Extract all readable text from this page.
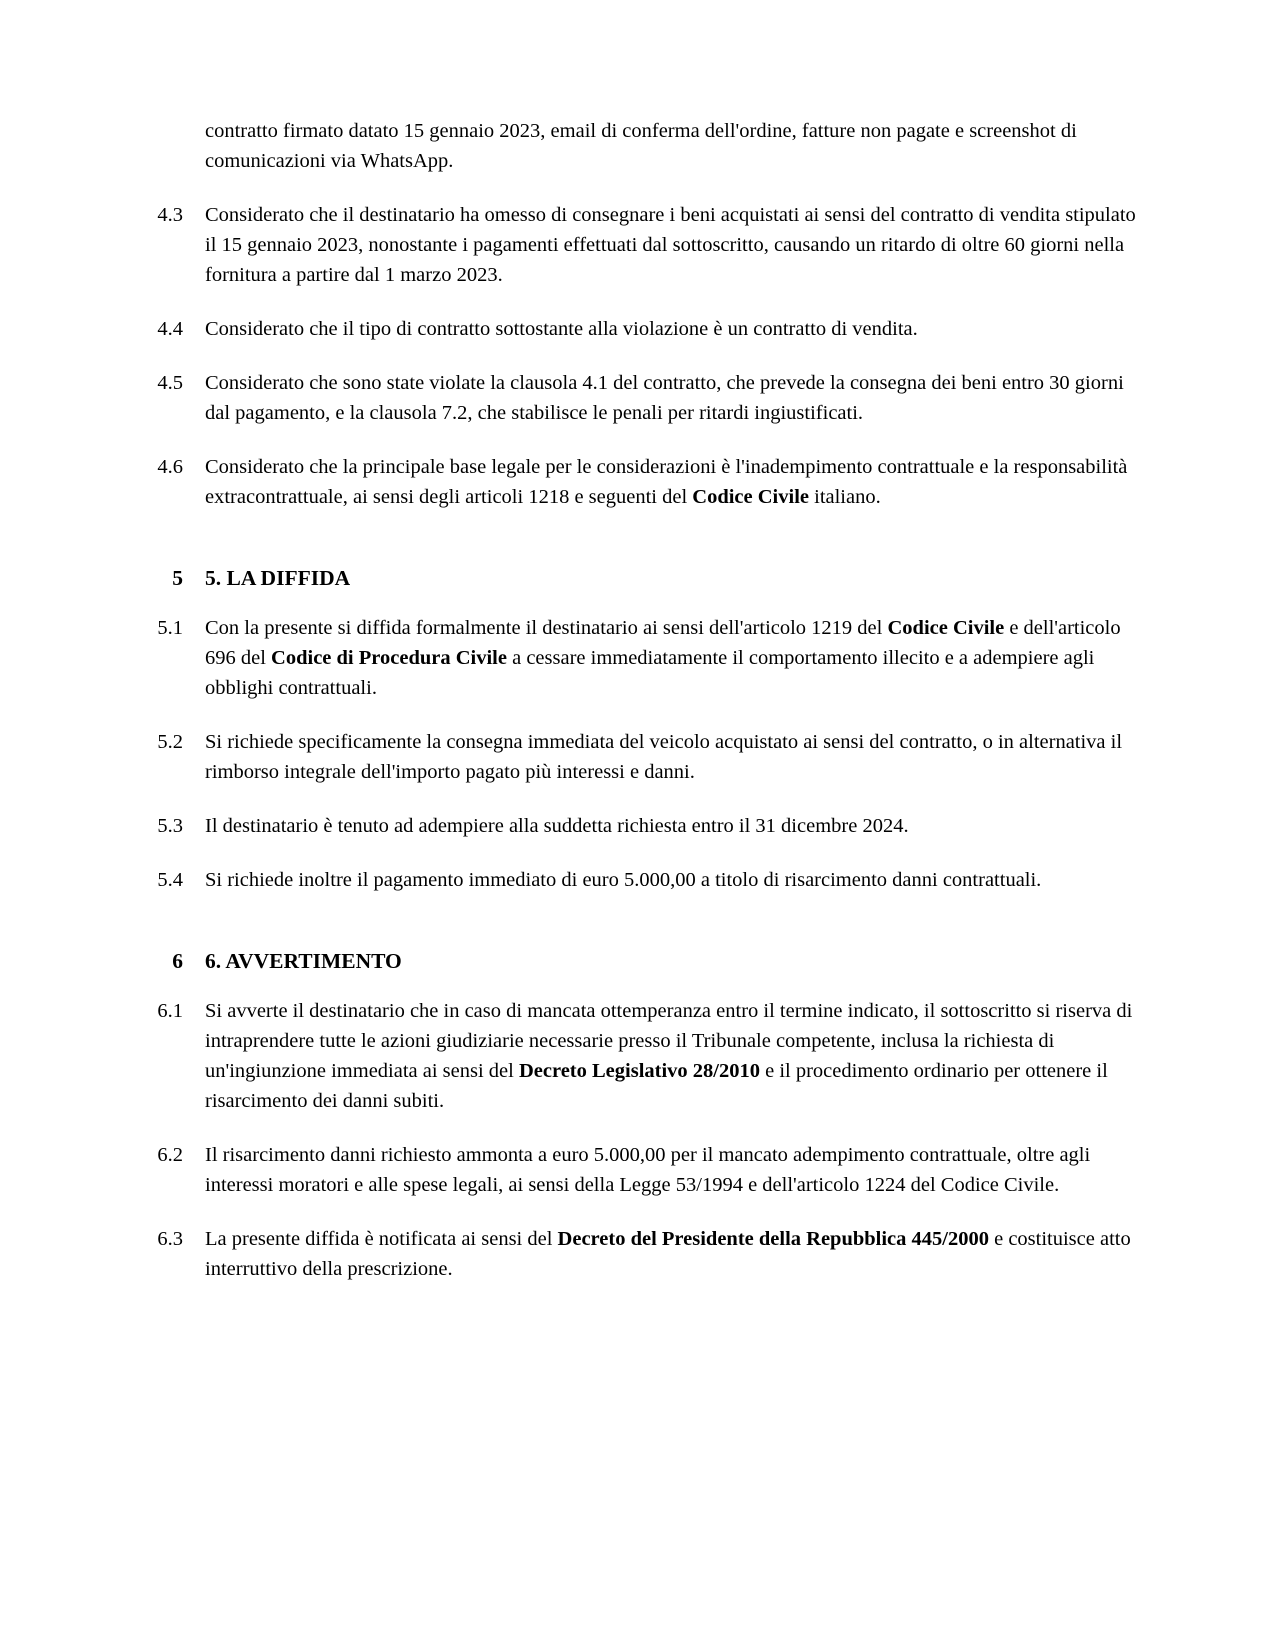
contratto firmato datato 15 gennaio 2023, email di conferma dell'ordine, fatture non pagate e screenshot di comunicazioni via WhatsApp.
4.3	Considerato che il destinatario ha omesso di consegnare i beni acquistati ai sensi del contratto di vendita stipulato il 15 gennaio 2023, nonostante i pagamenti effettuati dal sottoscritto, causando un ritardo di oltre 60 giorni nella fornitura a partire dal 1 marzo 2023.
4.4	Considerato che il tipo di contratto sottostante alla violazione è un contratto di vendita.
4.5	Considerato che sono state violate la clausola 4.1 del contratto, che prevede la consegna dei beni entro 30 giorni dal pagamento, e la clausola 7.2, che stabilisce le penali per ritardi ingiustificati.
4.6	Considerato che la principale base legale per le considerazioni è l'inadempimento contrattuale e la responsabilità extracontrattuale, ai sensi degli articoli 1218 e seguenti del Codice Civile italiano.
5	5. LA DIFFIDA
5.1	Con la presente si diffida formalmente il destinatario ai sensi dell'articolo 1219 del Codice Civile e dell'articolo 696 del Codice di Procedura Civile a cessare immediatamente il comportamento illecito e a adempiere agli obblighi contrattuali.
5.2	Si richiede specificamente la consegna immediata del veicolo acquistato ai sensi del contratto, o in alternativa il rimborso integrale dell'importo pagato più interessi e danni.
5.3	Il destinatario è tenuto ad adempiere alla suddetta richiesta entro il 31 dicembre 2024.
5.4	Si richiede inoltre il pagamento immediato di euro 5.000,00 a titolo di risarcimento danni contrattuali.
6	6. AVVERTIMENTO
6.1	Si avverte il destinatario che in caso di mancata ottemperanza entro il termine indicato, il sottoscritto si riserva di intraprendere tutte le azioni giudiziarie necessarie presso il Tribunale competente, inclusa la richiesta di un'ingiunzione immediata ai sensi del Decreto Legislativo 28/2010 e il procedimento ordinario per ottenere il risarcimento dei danni subiti.
6.2	Il risarcimento danni richiesto ammonta a euro 5.000,00 per il mancato adempimento contrattuale, oltre agli interessi moratori e alle spese legali, ai sensi della Legge 53/1994 e dell'articolo 1224 del Codice Civile.
6.3	La presente diffida è notificata ai sensi del Decreto del Presidente della Repubblica 445/2000 e costituisce atto interruttivo della prescrizione.
